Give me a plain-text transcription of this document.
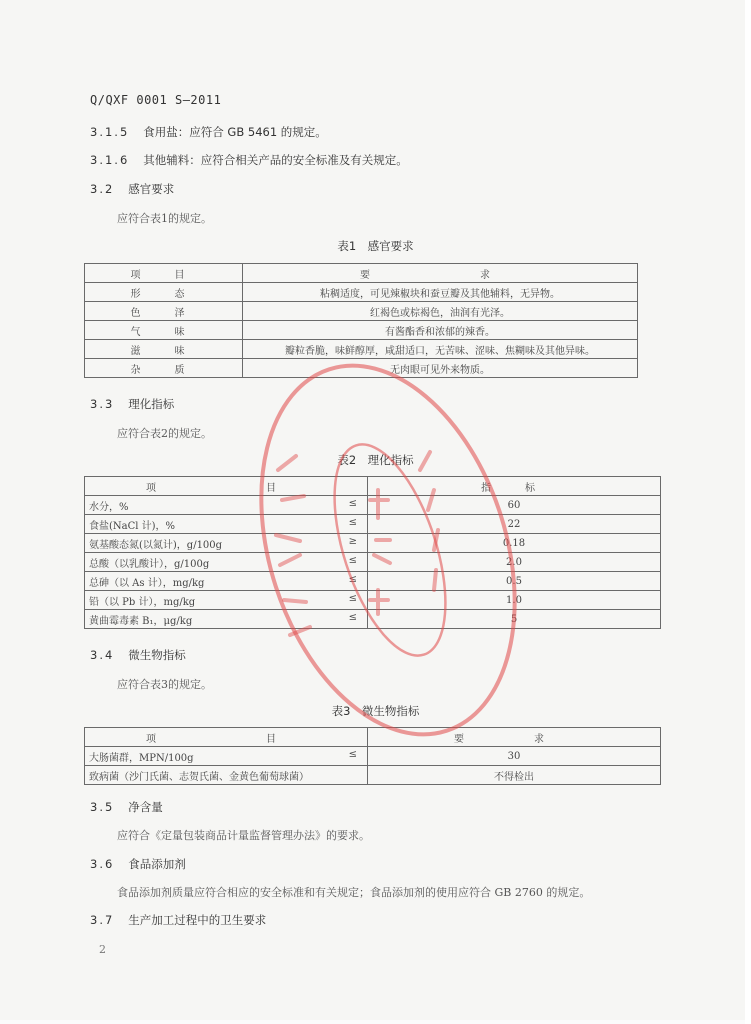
Q/QXF 0001 S—2011
3.1.5 食用盐：应符合 GB 5461 的规定。
3.1.6 其他辅料：应符合相关产品的安全标准及有关规定。
3.2 感官要求
应符合表1的规定。
表1　感官要求
项　目	要　　求
形　态	粘稠适度，可见辣椒块和蚕豆瓣及其他辅料，无异物。
色　泽	红褐色或棕褐色，油润有光泽。
气　味	有酱酯香和浓郁的辣香。
滋　味	瓣粒香脆，味鲜醇厚，咸甜适口，无苦味、涩味、焦糊味及其他异味。
杂　质	无肉眼可见外来物质。
3.3 理化指标
应符合表2的规定。
表2　理化指标
项　　目	指　标

水分，% ≤	60

食盐(NaCl 计)，% ≤	22

氨基酸态氮(以氮计)，g/100g ≥	0.18

总酸（以乳酸计），g/100g ≤	2.0

总砷（以 As 计），mg/kg ≤	0.5

铅（以 Pb 计），mg/kg ≤	1.0

黄曲霉毒素 B₁，μg/kg ≤	5
3.4 微生物指标
应符合表3的规定。
表3　微生物指标
项　　目	要　求

大肠菌群，MPN/100g ≤	30
致病菌（沙门氏菌、志贺氏菌、金黄色葡萄球菌）	不得检出
3.5 净含量
应符合《定量包装商品计量监督管理办法》的要求。
3.6 食品添加剂
食品添加剂质量应符合相应的安全标准和有关规定；食品添加剂的使用应符合 GB 2760 的规定。
3.7 生产加工过程中的卫生要求
2
